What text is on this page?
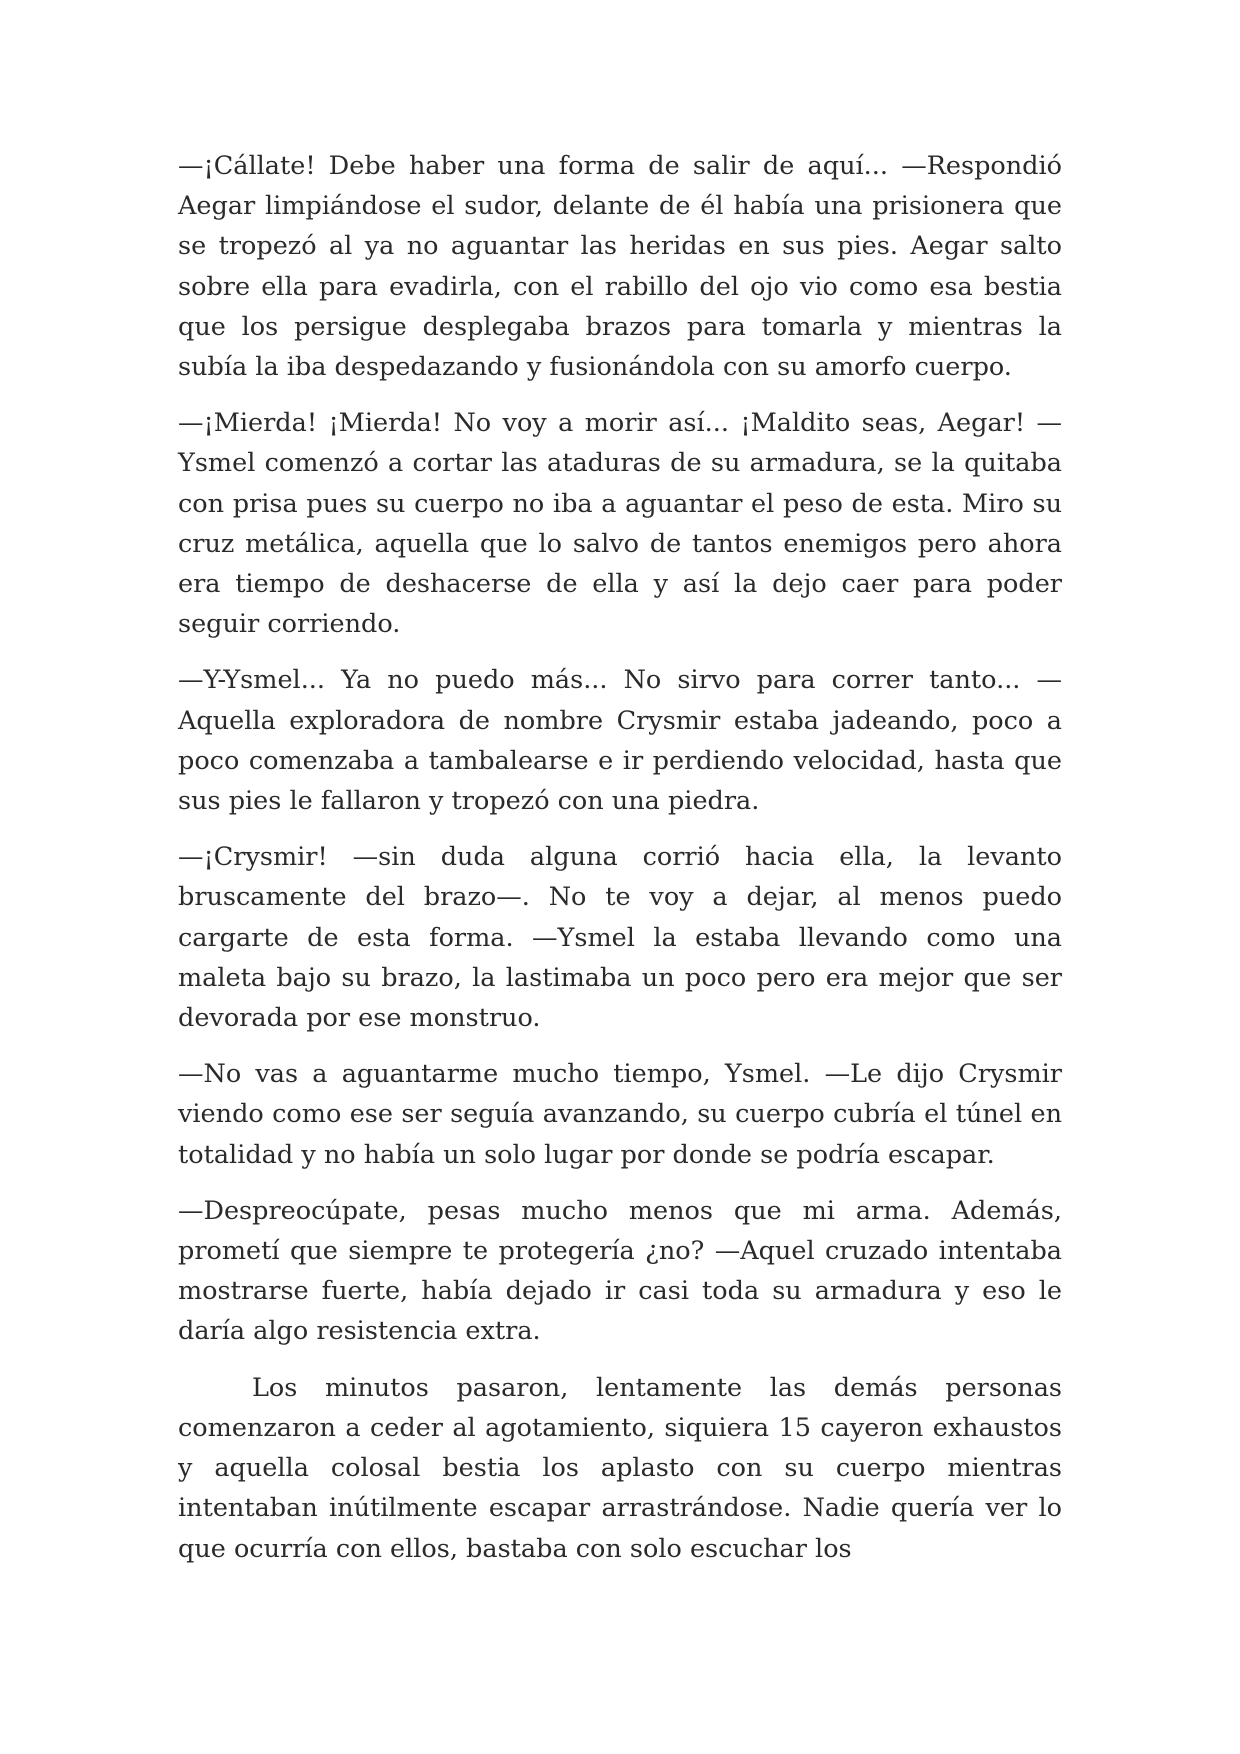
—¡Cállate! Debe haber una forma de salir de aquí... —Respondió Aegar limpiándose el sudor, delante de él había una prisionera que se tropezó al ya no aguantar las heridas en sus pies. Aegar salto sobre ella para evadirla, con el rabillo del ojo vio como esa bestia que los persigue desplegaba brazos para tomarla y mientras la subía la iba despedazando y fusionándola con su amorfo cuerpo.

—¡Mierda! ¡Mierda! No voy a morir así... ¡Maldito seas, Aegar! —Ysmel comenzó a cortar las ataduras de su armadura, se la quitaba con prisa pues su cuerpo no iba a aguantar el peso de esta. Miro su cruz metálica, aquella que lo salvo de tantos enemigos pero ahora era tiempo de deshacerse de ella y así la dejo caer para poder seguir corriendo.

—Y-Ysmel... Ya no puedo más... No sirvo para correr tanto... —Aquella exploradora de nombre Crysmir estaba jadeando, poco a poco comenzaba a tambalearse e ir perdiendo velocidad, hasta que sus pies le fallaron y tropezó con una piedra.

—¡Crysmir! —sin duda alguna corrió hacia ella, la levanto bruscamente del brazo—. No te voy a dejar, al menos puedo cargarte de esta forma. —Ysmel la estaba llevando como una maleta bajo su brazo, la lastimaba un poco pero era mejor que ser devorada por ese monstruo.

—No vas a aguantarme mucho tiempo, Ysmel. —Le dijo Crysmir viendo como ese ser seguía avanzando, su cuerpo cubría el túnel en totalidad y no había un solo lugar por donde se podría escapar.

—Despreocúpate, pesas mucho menos que mi arma. Además, prometí que siempre te protegería ¿no? —Aquel cruzado intentaba mostrarse fuerte, había dejado ir casi toda su armadura y eso le daría algo resistencia extra.

Los minutos pasaron, lentamente las demás personas comenzaron a ceder al agotamiento, siquiera 15 cayeron exhaustos y aquella colosal bestia los aplasto con su cuerpo mientras intentaban inútilmente escapar arrastrándose. Nadie quería ver lo que ocurría con ellos, bastaba con solo escuchar los
